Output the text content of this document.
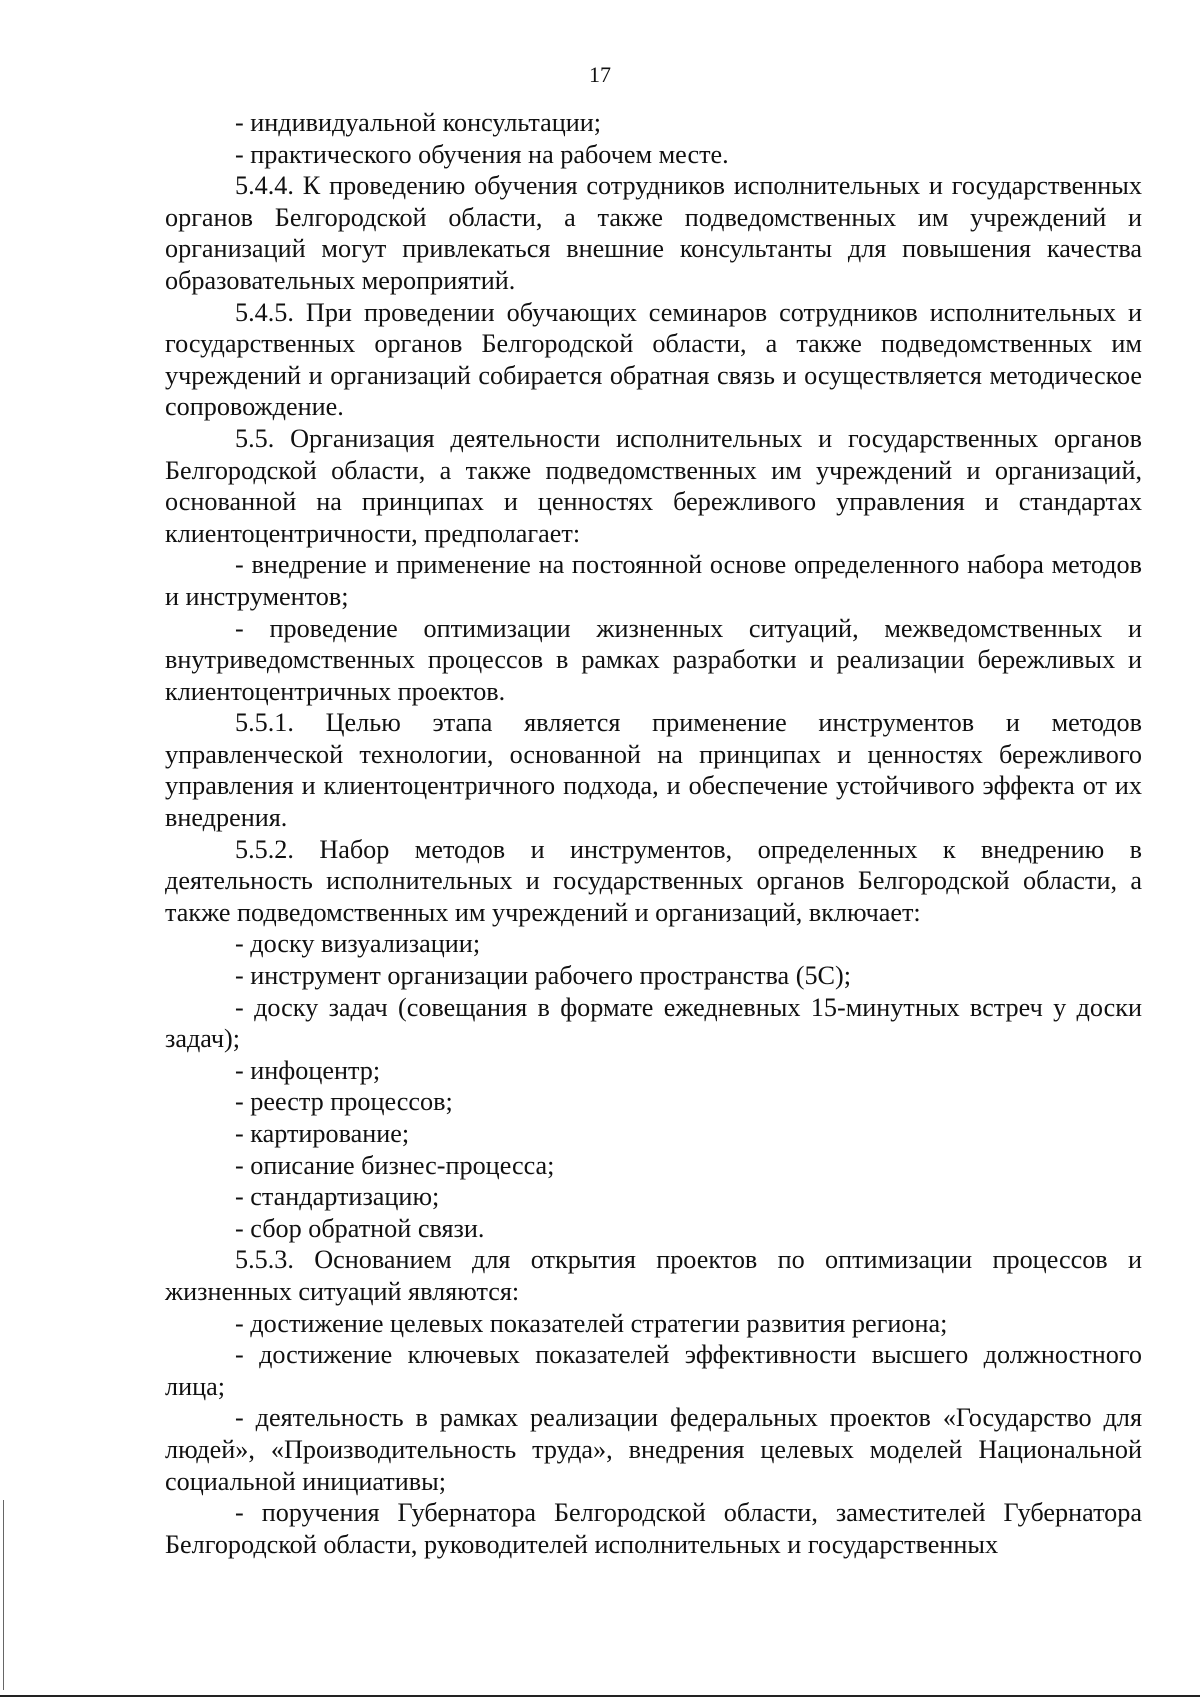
17

- индивидуальной консультации;

- практического обучения на рабочем месте.

5.4.4. К проведению обучения сотрудников исполнительных и государственных органов Белгородской области, а также подведомственных им учреждений и организаций могут привлекаться внешние консультанты для повышения качества образовательных мероприятий.

5.4.5. При проведении обучающих семинаров сотрудников исполнительных и государственных органов Белгородской области, а также подведомственных им учреждений и организаций собирается обратная связь и осуществляется методическое сопровождение.

5.5. Организация деятельности исполнительных и государственных органов Белгородской области, а также подведомственных им учреждений и организаций, основанной на принципах и ценностях бережливого управления и стандартах клиентоцентричности, предполагает:

- внедрение и применение на постоянной основе определенного набора методов и инструментов;

- проведение оптимизации жизненных ситуаций, межведомственных и внутриведомственных процессов в рамках разработки и реализации бережливых и клиентоцентричных проектов.

5.5.1. Целью этапа является применение инструментов и методов управленческой технологии, основанной на принципах и ценностях бережливого управления и клиентоцентричного подхода, и обеспечение устойчивого эффекта от их внедрения.

5.5.2. Набор методов и инструментов, определенных к внедрению в деятельность исполнительных и государственных органов Белгородской области, а также подведомственных им учреждений и организаций, включает:

- доску визуализации;

- инструмент организации рабочего пространства (5С);

- доску задач (совещания в формате ежедневных 15-минутных встреч у доски задач);

- инфоцентр;

- реестр процессов;

- картирование;

- описание бизнес-процесса;

- стандартизацию;

- сбор обратной связи.

5.5.3. Основанием для открытия проектов по оптимизации процессов и жизненных ситуаций являются:

- достижение целевых показателей стратегии развития региона;

- достижение ключевых показателей эффективности высшего должностного лица;

- деятельность в рамках реализации федеральных проектов «Государство для людей», «Производительность труда», внедрения целевых моделей Национальной социальной инициативы;

- поручения Губернатора Белгородской области, заместителей Губернатора Белгородской области, руководителей исполнительных и государственных
